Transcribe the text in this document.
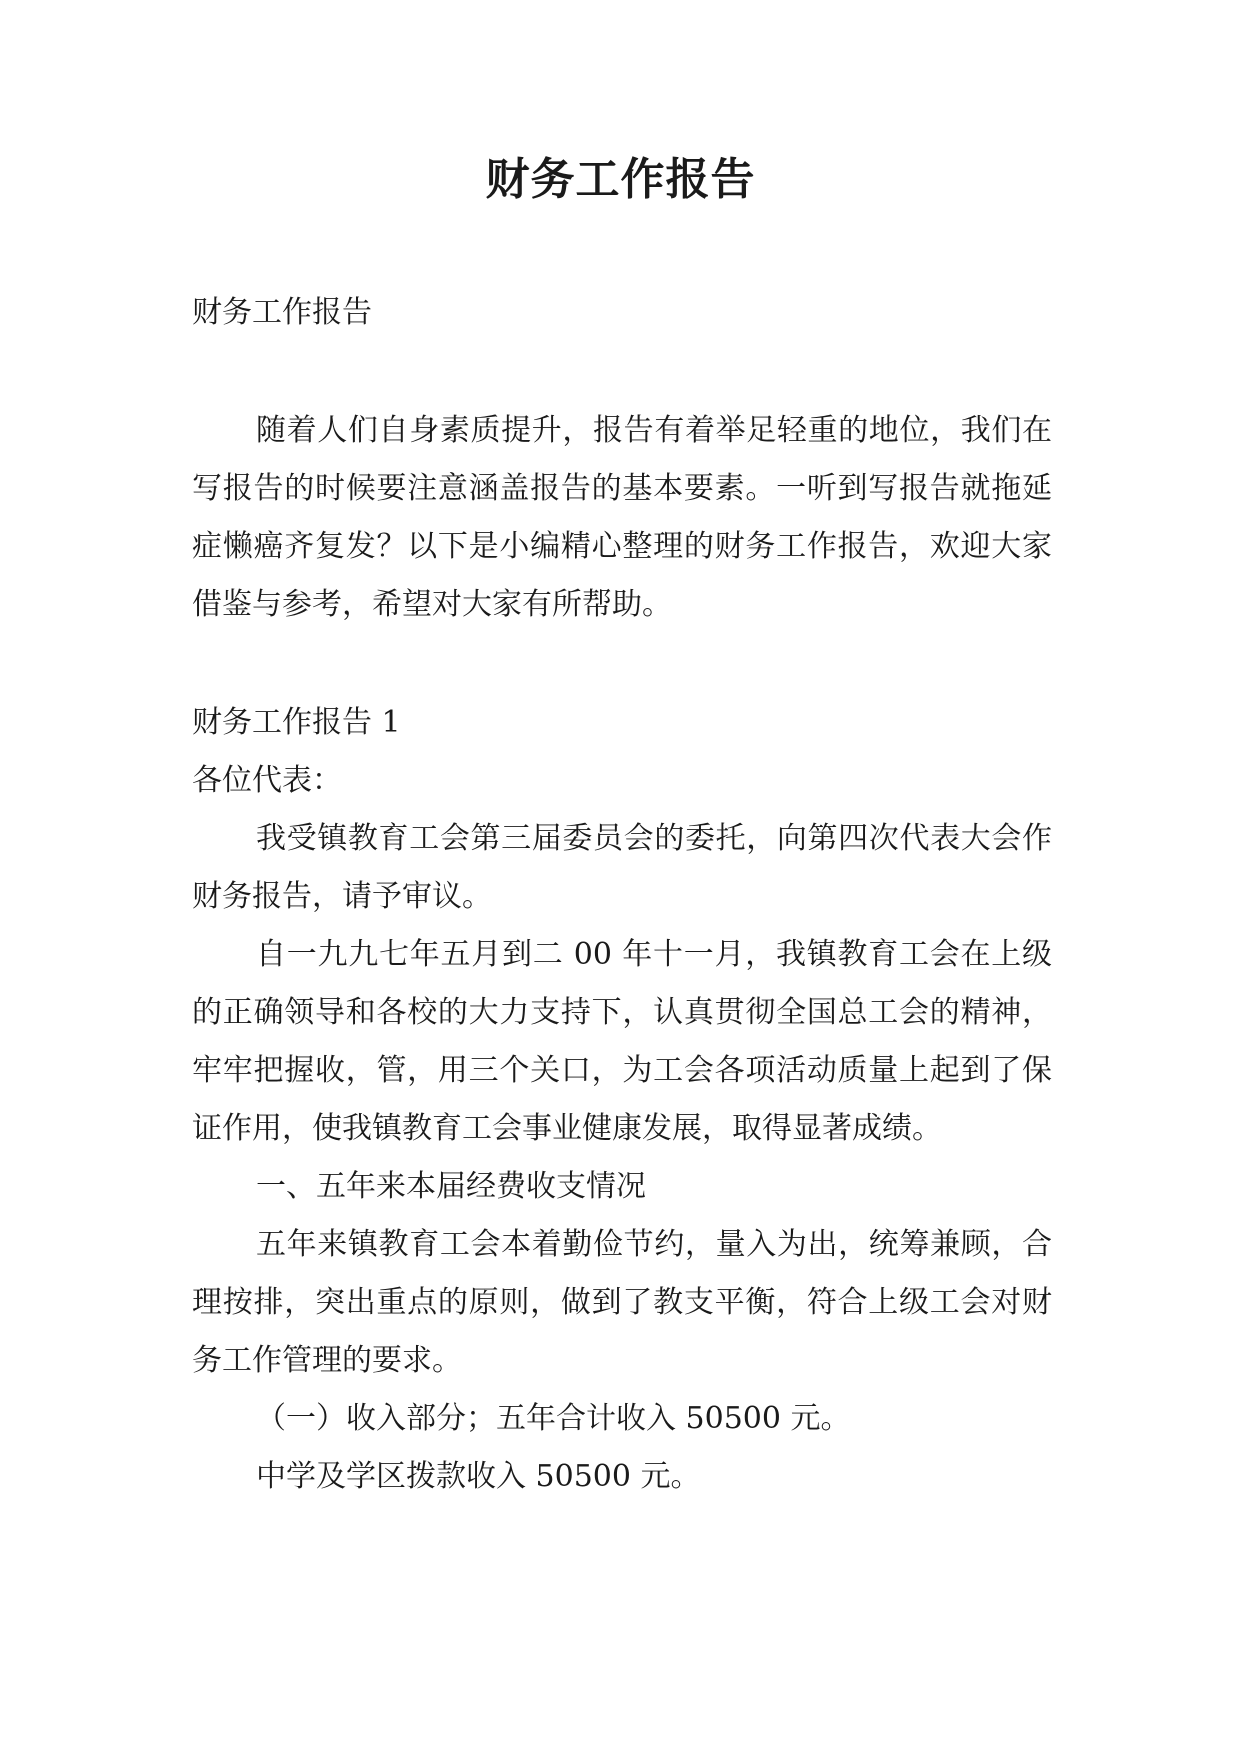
财务工作报告

财务工作报告

随着人们自身素质提升，报告有着举足轻重的地位，我们在写报告的时候要注意涵盖报告的基本要素。一听到写报告就拖延症懒癌齐复发？以下是小编精心整理的财务工作报告，欢迎大家借鉴与参考，希望对大家有所帮助。

财务工作报告 1

各位代表：

我受镇教育工会第三届委员会的委托，向第四次代表大会作财务报告，请予审议。

自一九九七年五月到二 00 年十一月，我镇教育工会在上级的正确领导和各校的大力支持下，认真贯彻全国总工会的精神，牢牢把握收，管，用三个关口，为工会各项活动质量上起到了保证作用，使我镇教育工会事业健康发展，取得显著成绩。

一、五年来本届经费收支情况

五年来镇教育工会本着勤俭节约，量入为出，统筹兼顾，合理按排，突出重点的原则，做到了教支平衡，符合上级工会对财务工作管理的要求。

（一）收入部分；五年合计收入 50500 元。

中学及学区拨款收入 50500 元。
